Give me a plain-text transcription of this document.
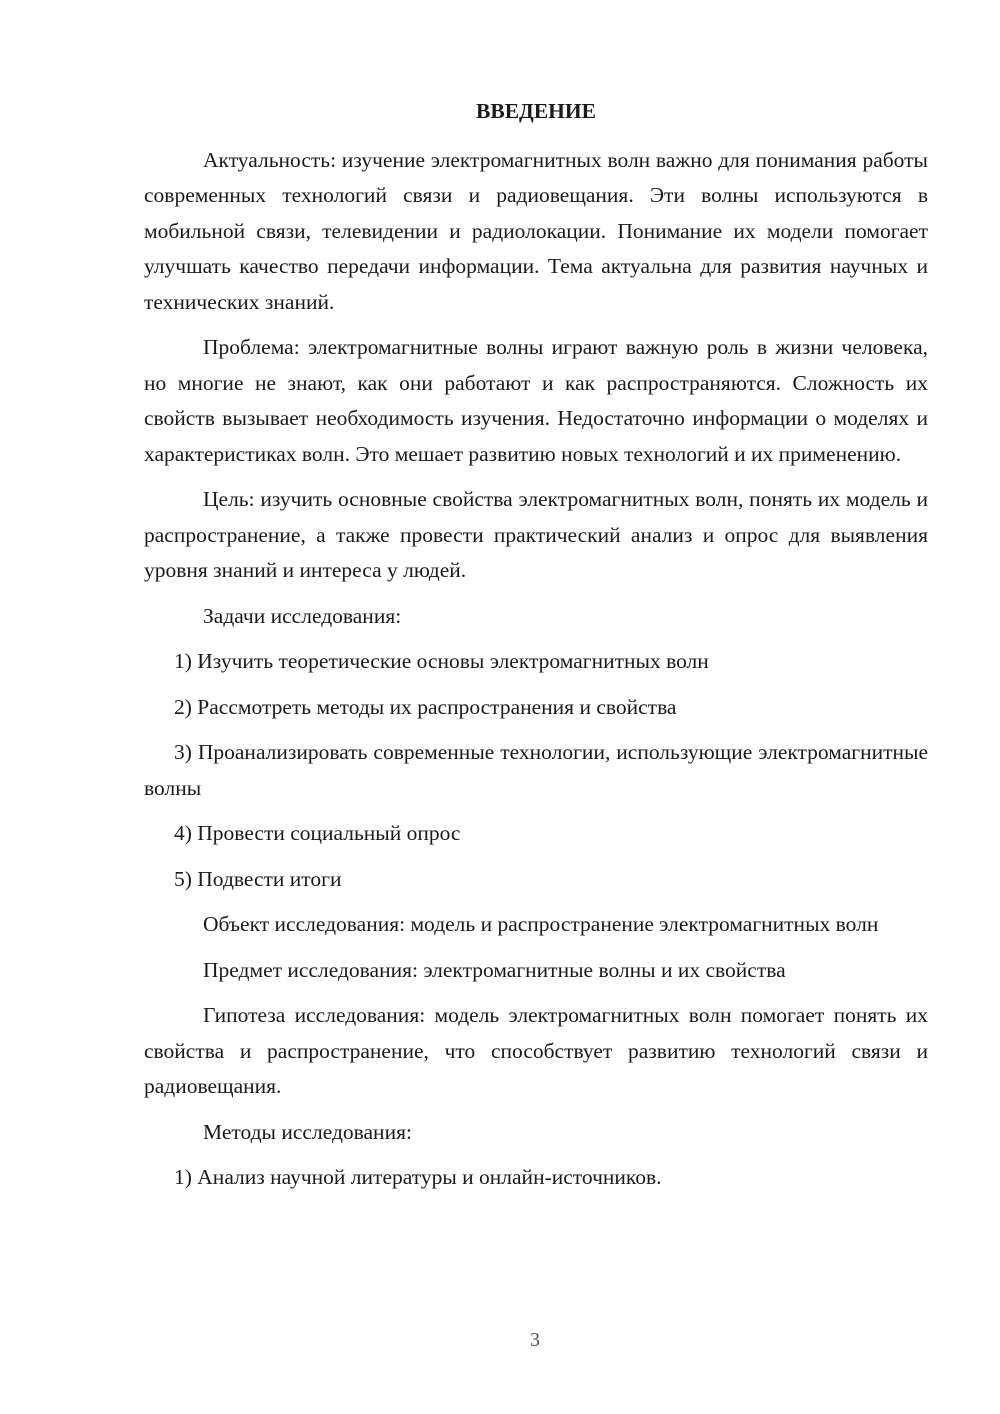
ВВЕДЕНИЕ
Актуальность: изучение электромагнитных волн важно для понимания работы современных технологий связи и радиовещания. Эти волны используются в мобильной связи, телевидении и радиолокации. Понимание их модели помогает улучшать качество передачи информации. Тема актуальна для развития научных и технических знаний.
Проблема: электромагнитные волны играют важную роль в жизни человека, но многие не знают, как они работают и как распространяются. Сложность их свойств вызывает необходимость изучения. Недостаточно информации о моделях и характеристиках волн. Это мешает развитию новых технологий и их применению.
Цель: изучить основные свойства электромагнитных волн, понять их модель и распространение, а также провести практический анализ и опрос для выявления уровня знаний и интереса у людей.
Задачи исследования:
1) Изучить теоретические основы электромагнитных волн
2) Рассмотреть методы их распространения и свойства
3) Проанализировать современные технологии, использующие электромагнитные волны
4) Провести социальный опрос
5) Подвести итоги
Объект исследования: модель и распространение электромагнитных волн
Предмет исследования: электромагнитные волны и их свойства
Гипотеза исследования: модель электромагнитных волн помогает понять их свойства и распространение, что способствует развитию технологий связи и радиовещания.
Методы исследования:
1) Анализ научной литературы и онлайн-источников.
3
